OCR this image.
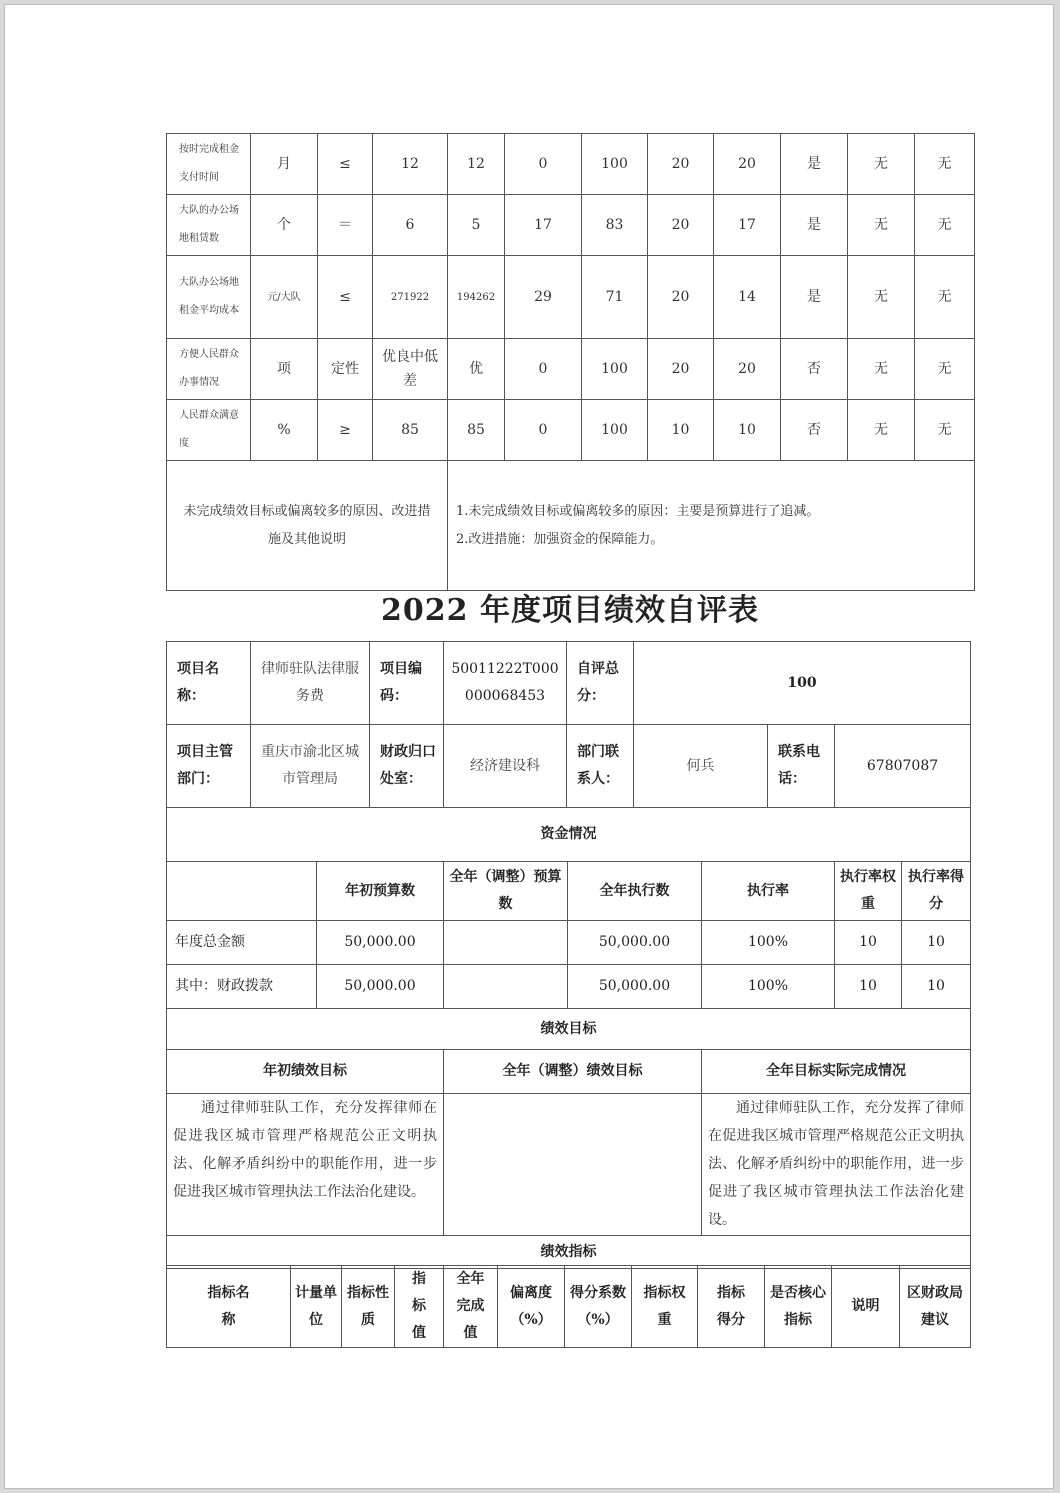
按时完成租金支付时间	月	≤	12	12	0	100	20	20	是	无	无
大队的办公场地租赁数	个	＝	6	5	17	83	20	17	是	无	无
大队办公场地租金平均成本	元/大队	≤	271922	194262	29	71	20	14	是	无	无
方便人民群众办事情况	项	定性	优良中低差	优	0	100	20	20	否	无	无
人民群众满意度	%	≥	85	85	0	100	10	10	否	无	无
未完成绩效目标或偏离较多的原因、改进措施及其他说明				1.未完成绩效目标或偏离较多的原因：主要是预算进行了追减。
2.改进措施：加强资金的保障能力。							
2022 年度项目绩效自评表
项目名称：	律师驻队法律服务费	项目编码：	50011222T000000068453	自评总分：	100		
项目主管部门：	重庆市渝北区城市管理局	财政归口处室：	经济建设科	部门联系人：	何兵	联系电话：	67807087
资金情况						
	年初预算数	全年（调整）预算数	全年执行数	执行率	执行率权重	执行率得分
年度总金额	50,000.00		50,000.00	100%	10	10
其中：财政拨款	50,000.00		50,000.00	100%	10	10
绩效目标						
年初绩效目标		全年（调整）绩效目标		全年目标实际完成情况		
通过律师驻队工作，充分发挥律师在促进我区城市管理严格规范公正文明执法、化解矛盾纠纷中的职能作用，进一步促进我区城市管理执法工作法治化建设。				通过律师驻队工作，充分发挥了律师在促进我区城市管理严格规范公正文明执法、化解矛盾纠纷中的职能作用，进一步促进了我区城市管理执法工作法治化建设。		
绩效指标						
指标名称	计量单位	指标性质	指标值	全年完成值	偏离度（%）	得分系数（%）	指标权重	指标得分	是否核心指标	说明	区财政局建议
